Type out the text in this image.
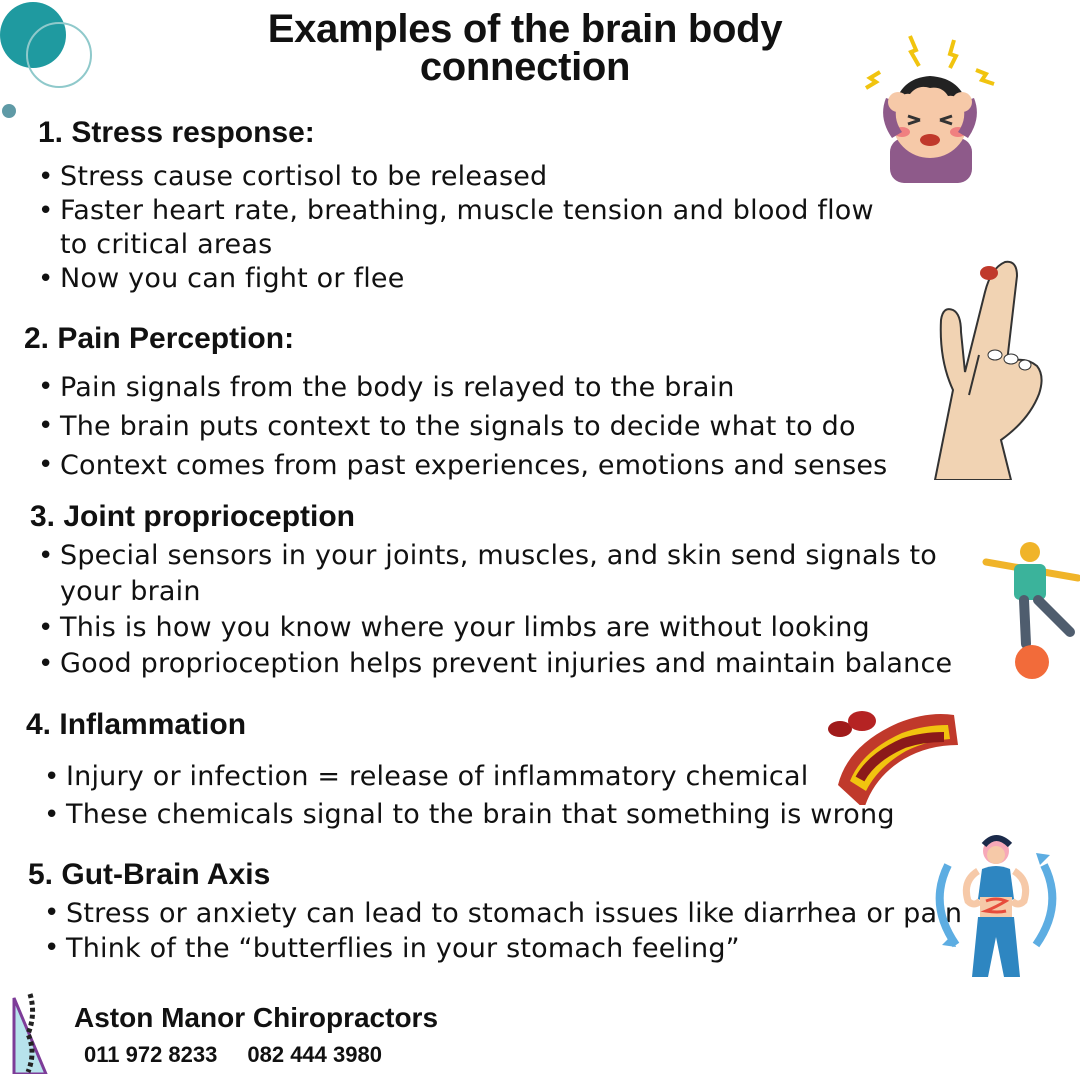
Examples of the brain body connection
1. Stress response:
• Stress cause cortisol to be released
• Faster heart rate, breathing, muscle tension and blood flow to critical areas
• Now you can fight or flee
2. Pain Perception:
• Pain signals from the body is relayed to the brain
• The brain puts context to the signals to decide what to do
• Context comes from past experiences, emotions and senses
3. Joint proprioception
• Special sensors in your joints, muscles, and skin send signals to your brain
• This is how you know where your limbs are without looking
• Good proprioception helps prevent injuries and maintain balance
4. Inflammation
• Injury or infection = release of inflammatory chemical
• These chemicals signal to the brain that something is wrong
5. Gut-Brain Axis
• Stress or anxiety can lead to stomach issues like diarrhea or pain
• Think of the “butterflies in your stomach feeling”
Aston Manor Chiropractors
011 972 8233 082 444 3980
